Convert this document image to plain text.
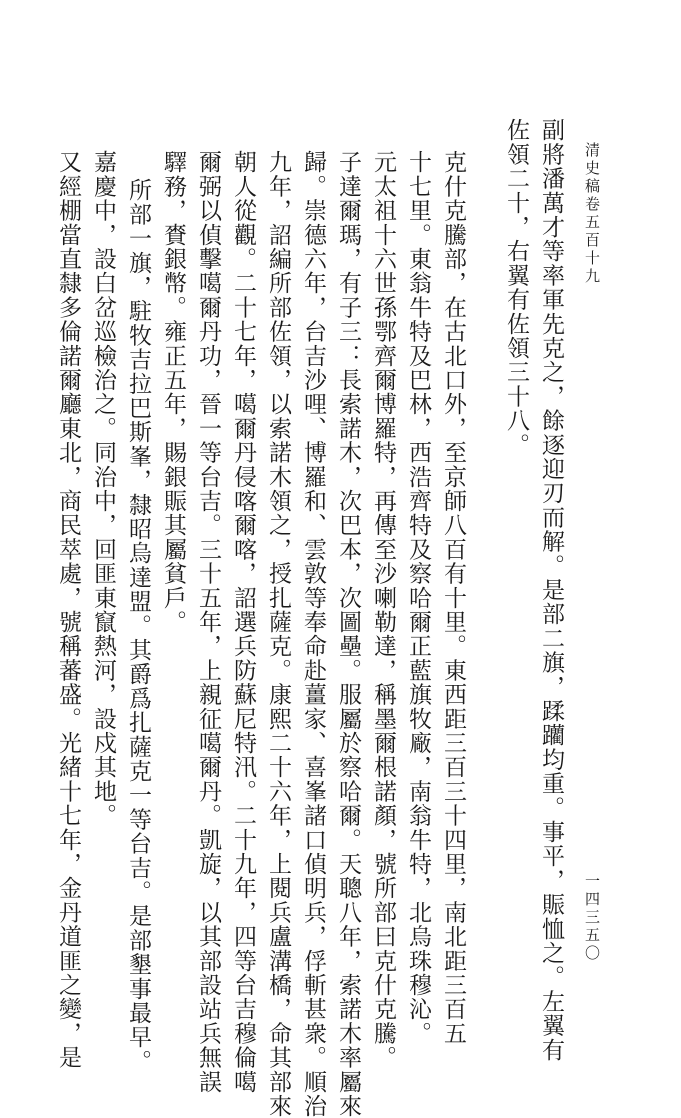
清史稿卷五百十九
一四三五〇
副將潘萬才等率軍先克之，餘逐迎刃而解。是部二旗，蹂躪均重。事平，賑恤之。左翼有
佐領二十，右翼有佐領三十八。
克什克騰部，在古北口外，至京師八百有十里。東西距三百三十四里，南北距三百五
十七里。東翁牛特及巴林，西浩齊特及察哈爾正藍旗牧廠，南翁牛特，北烏珠穆沁。
元太祖十六世孫鄂齊爾博羅特，再傳至沙喇勒達，稱墨爾根諾顏，號所部曰克什克騰。
子達爾瑪，有子三：長索諾木，次巴本，次圖壘。服屬於察哈爾。天聰八年，索諾木率屬來
歸。崇德六年，台吉沙哩、博羅和、雲敦等奉命赴薑家、喜峯諸口偵明兵，俘斬甚衆。順治
九年，詔編所部佐領，以索諾木領之，授扎薩克。康熙二十六年，上閱兵盧溝橋，命其部來
朝人從觀。二十七年，噶爾丹侵喀爾喀，詔選兵防蘇尼特汛。二十九年，四等台吉穆倫噶
爾弼以偵擊噶爾丹功，晉一等台吉。三十五年，上親征噶爾丹。凱旋，以其部設站兵無誤
驛務，賚銀幣。雍正五年，賜銀賑其屬貧戶。
所部一旗，駐牧吉拉巴斯峯，隸昭烏達盟。其爵爲扎薩克一等台吉。是部墾事最早。
嘉慶中，設白岔巡檢治之。同治中，回匪東竄熱河，設戍其地。
又經棚當直隸多倫諾爾廳東北，商民萃處，號稱蕃盛。光緒十七年，金丹道匪之變，是
